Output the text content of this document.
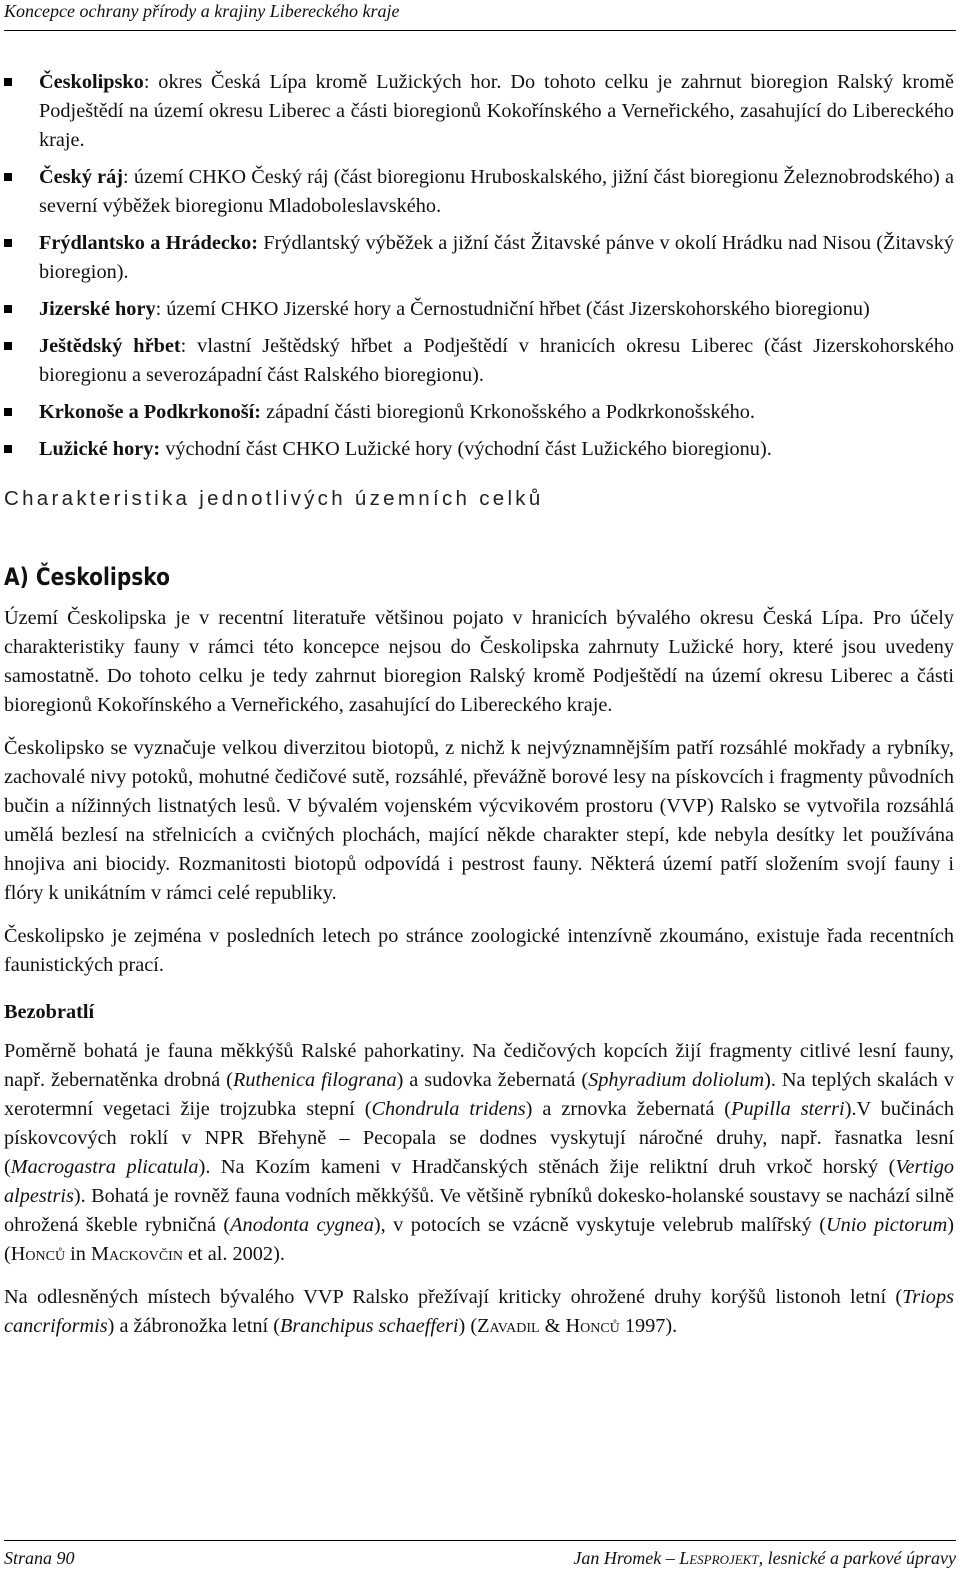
Koncepce ochrany přírody a krajiny Libereckého kraje
Českolipsko: okres Česká Lípa kromě Lužických hor. Do tohoto celku je zahrnut bioregion Ralský kromě Podještědí na území okresu Liberec a části bioregionů Kokořínského a Verneřického, zasahující do Libereckého kraje.
Český ráj: území CHKO Český ráj (část bioregionu Hruboskalského, jižní část bioregionu Železnobrodského) a severní výběžek bioregionu Mladoboleslavského.
Frýdlantsko a Hrádecko: Frýdlantský výběžek a jižní část Žitavské pánve v okolí Hrádku nad Nisou (Žitavský bioregion).
Jizerské hory: území CHKO Jizerské hory a Černostudniční hřbet (část Jizerskohorského bioregionu)
Ještědský hřbet: vlastní Ještědský hřbet a Podještědí v hranicích okresu Liberec (část Jizerskohorského bioregionu a severozápadní část Ralského bioregionu).
Krkonoše a Podkrkonoší: západní části bioregionů Krkonošského a Podkrkonošského.
Lužické hory: východní část CHKO Lužické hory (východní část Lužického bioregionu).
Charakteristika jednotlivých územních celků
A) Českolipsko

Území Českolipska je v recentní literatuře většinou pojato v hranicích bývalého okresu Česká Lípa. Pro účely charakteristiky fauny v rámci této koncepce nejsou do Českolipska zahrnuty Lužické hory, které jsou uvedeny samostatně. Do tohoto celku je tedy zahrnut bioregion Ralský kromě Podještědí na území okresu Liberec a části bioregionů Kokořínského a Verneřického, zasahující do Libereckého kraje.

Českolipsko se vyznačuje velkou diverzitou biotopů, z nichž k nejvýznamnějším patří rozsáhlé mokřady a rybníky, zachovalé nivy potoků, mohutné čedičové sutě, rozsáhlé, převážně borové lesy na pískovcích i fragmenty původních bučin a nížinných listnatých lesů. V bývalém vojenském výcvikovém prostoru (VVP) Ralsko se vytvořila rozsáhlá umělá bezlesí na střelnicích a cvičných plochách, mající někde charakter stepí, kde nebyla desítky let používána hnojiva ani biocidy. Rozmanitosti biotopů odpovídá i pestrost fauny. Některá území patří složením svojí fauny i flóry k unikátním v rámci celé republiky.

Českolipsko je zejména v posledních letech po stránce zoologické intenzívně zkoumáno, existuje řada recentních faunistických prací.

Bezobratlí

Poměrně bohatá je fauna měkkýšů Ralské pahorkatiny. Na čedičových kopcích žijí fragmenty citlivé lesní fauny, např. žebernatěnka drobná (Ruthenica filograna) a sudovka žebernatá (Sphyradium doliolum). Na teplých skalách v xerotermní vegetaci žije trojzubka stepní (Chondrula tridens) a zrnovka žebernatá (Pupilla sterri).V bučinách pískovcových roklí v NPR Břehyně – Pecopala se dodnes vyskytují náročné druhy, např. řasnatka lesní (Macrogastra plicatula). Na Kozím kameni v Hradčanských stěnách žije reliktní druh vrkoč horský (Vertigo alpestris). Bohatá je rovněž fauna vodních měkkýšů. Ve většině rybníků dokesko-holanské soustavy se nachází silně ohrožená škeble rybničná (Anodonta cygnea), v potocích se vzácně vyskytuje velebrub malířský (Unio pictorum) (Honců in Mackovčin et al. 2002).

Na odlesněných místech bývalého VVP Ralsko přežívají kriticky ohrožené druhy korýšů listonoh letní (Triops cancriformis) a žábronožka letní (Branchipus schaefferi) (Zavadil & Honců 1997).

Strana 90	Jan Hromek – Lesprojekt, lesnické a parkové úpravy
